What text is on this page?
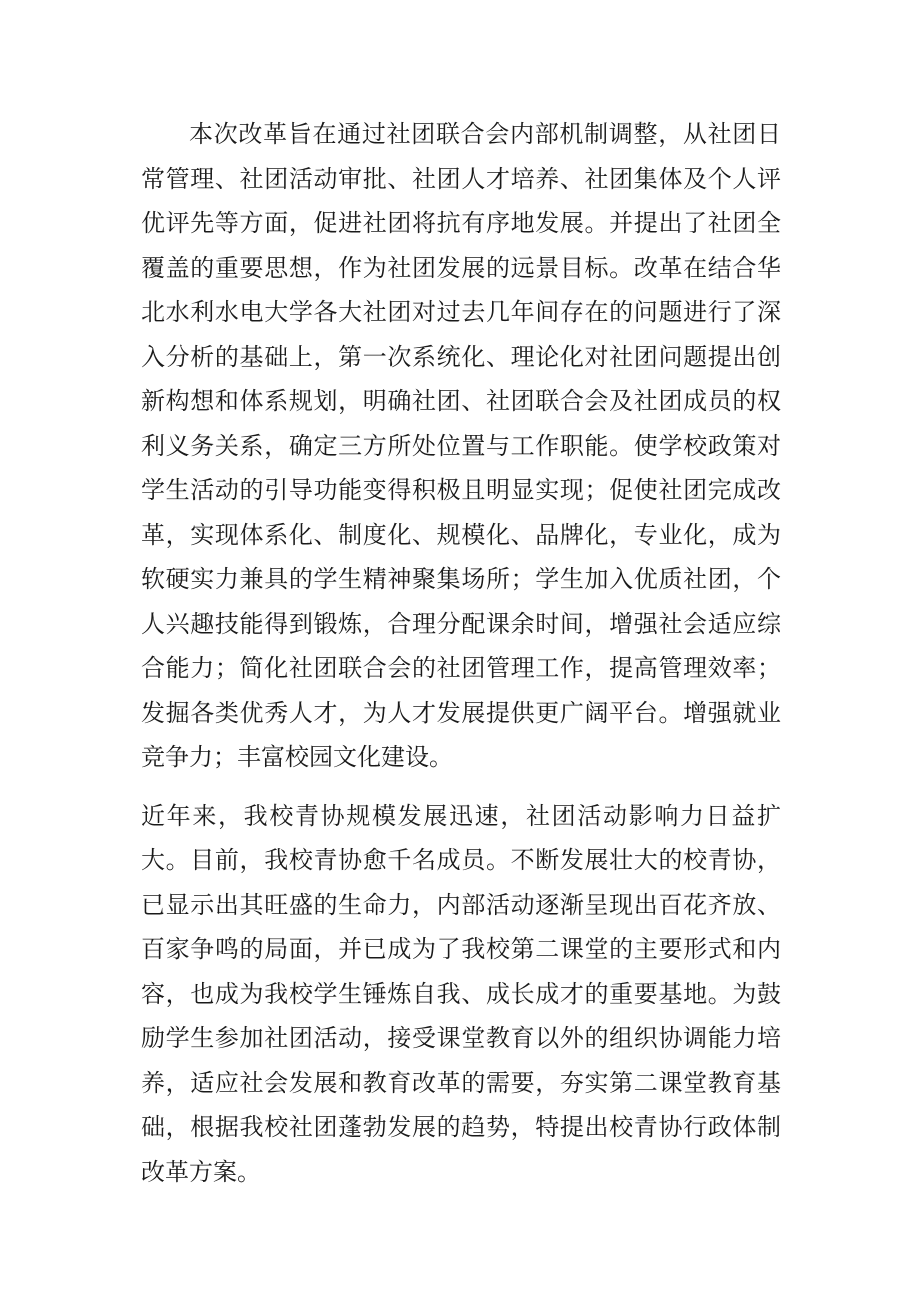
本次改革旨在通过社团联合会内部机制调整，从社团日常管理、社团活动审批、社团人才培养、社团集体及个人评优评先等方面，促进社团将抗有序地发展。并提出了社团全覆盖的重要思想，作为社团发展的远景目标。改革在结合华北水利水电大学各大社团对过去几年间存在的问题进行了深入分析的基础上，第一次系统化、理论化对社团问题提出创新构想和体系规划，明确社团、社团联合会及社团成员的权利义务关系，确定三方所处位置与工作职能。使学校政策对学生活动的引导功能变得积极且明显实现；促使社团完成改革，实现体系化、制度化、规模化、品牌化，专业化，成为软硬实力兼具的学生精神聚集场所；学生加入优质社团，个人兴趣技能得到锻炼，合理分配课余时间，增强社会适应综合能力；简化社团联合会的社团管理工作，提高管理效率；发掘各类优秀人才，为人才发展提供更广阔平台。增强就业竞争力；丰富校园文化建设。

近年来，我校青协规模发展迅速，社团活动影响力日益扩大。目前，我校青协愈千名成员。不断发展壮大的校青协，已显示出其旺盛的生命力，内部活动逐渐呈现出百花齐放、百家争鸣的局面，并已成为了我校第二课堂的主要形式和内容，也成为我校学生锤炼自我、成长成才的重要基地。为鼓励学生参加社团活动，接受课堂教育以外的组织协调能力培养，适应社会发展和教育改革的需要，夯实第二课堂教育基础，根据我校社团蓬勃发展的趋势，特提出校青协行政体制改革方案。
